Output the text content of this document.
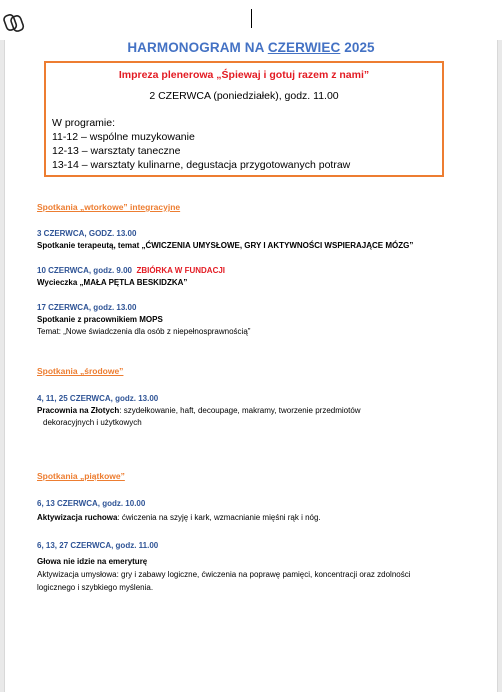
HARMONOGRAM NA CZERWIEC 2025
Impreza plenerowa „Śpiewaj i gotuj razem z nami”
2 CZERWCA (poniedziałek), godz. 11.00
W programie:
11-12 – wspólne muzykowanie
12-13 – warsztaty taneczne
13-14 – warsztaty kulinarne, degustacja przygotowanych potraw
Spotkania „wtorkowe” integracyjne
3 CZERWCA, GODZ. 13.00
Spotkanie terapeutą, temat „ĆWICZENIA UMYSŁOWE, GRY I AKTYWNOŚCI WSPIERAJĄCE MÓZG”
10 CZERWCA, godz. 9.00 ZBIÓRKA W FUNDACJI
Wycieczka „MAŁA PĘTLA BESKIDZKA”
17 CZERWCA, godz. 13.00
Spotkanie z pracownikiem MOPS
Temat: „Nowe świadczenia dla osób z niepełnosprawnością”
Spotkania „środowe”
4, 11, 25 CZERWCA, godz. 13.00
Pracownia na Złotych: szydełkowanie, haft, decoupage, makramy, tworzenie przedmiotów
dekoracyjnych i użytkowych
Spotkania „piątkowe”
6, 13 CZERWCA, godz. 10.00
Aktywizacja ruchowa: ćwiczenia na szyję i kark, wzmacnianie mięśni rąk i nóg.
6, 13, 27 CZERWCA, godz. 11.00
Głowa nie idzie na emeryturę
Aktywizacja umysłowa: gry i zabawy logiczne, ćwiczenia na poprawę pamięci, koncentracji oraz zdolności
logicznego i szybkiego myślenia.
